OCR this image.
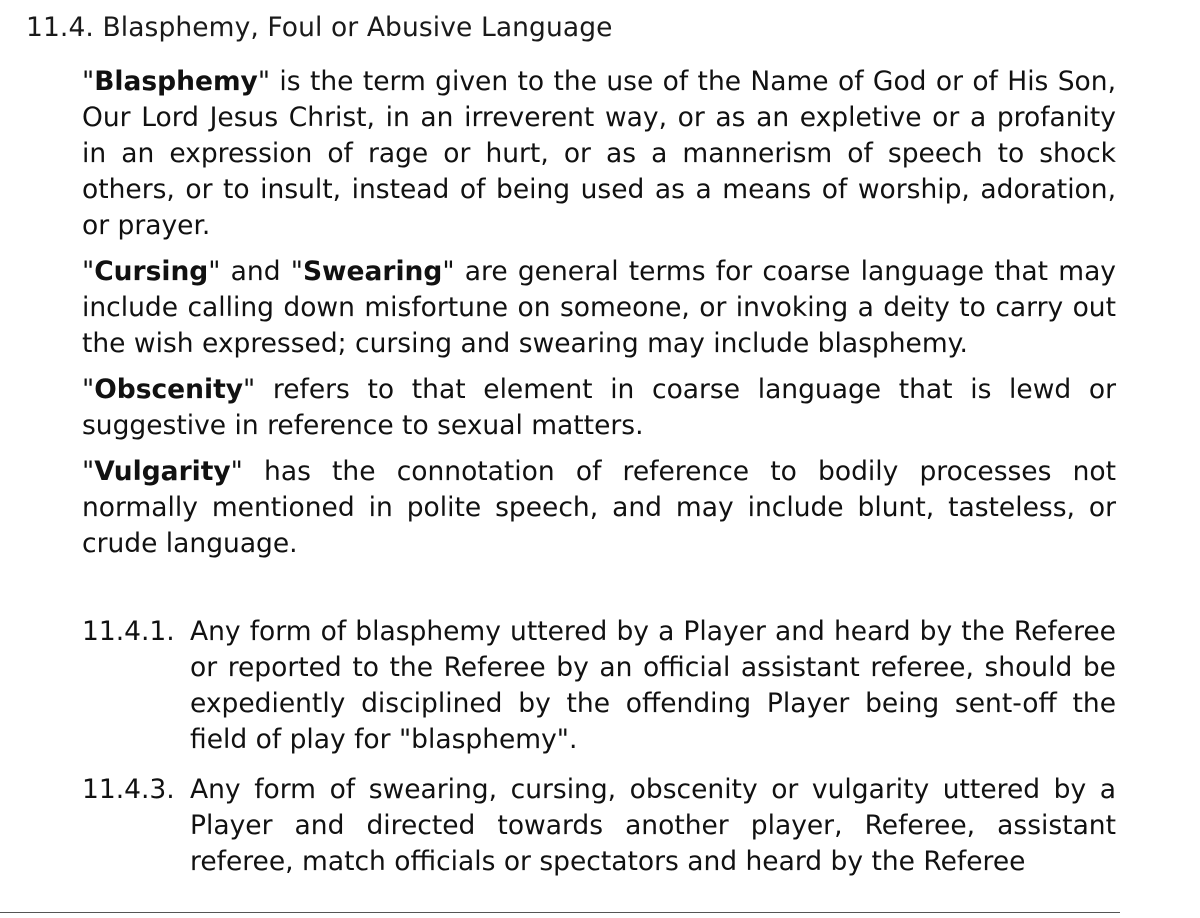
11.4. Blasphemy, Foul or Abusive Language

"Blasphemy" is the term given to the use of the Name of God or of His Son, Our Lord Jesus Christ, in an irreverent way, or as an expletive or a profanity in an expression of rage or hurt, or as a mannerism of speech to shock others, or to insult, instead of being used as a means of worship, adoration, or prayer.

"Cursing" and "Swearing" are general terms for coarse language that may include calling down misfortune on someone, or invoking a deity to carry out the wish expressed; cursing and swearing may include blasphemy.

"Obscenity" refers to that element in coarse language that is lewd or suggestive in reference to sexual matters.

"Vulgarity" has the connotation of reference to bodily processes not normally mentioned in polite speech, and may include blunt, tasteless, or crude language.

11.4.1. Any form of blasphemy uttered by a Player and heard by the Referee or reported to the Referee by an official assistant referee, should be expediently disciplined by the offending Player being sent-off the field of play for "blasphemy".
11.4.3. Any form of swearing, cursing, obscenity or vulgarity uttered by a Player and directed towards another player, Referee, assistant referee, match officials or spectators and heard by the Referee
